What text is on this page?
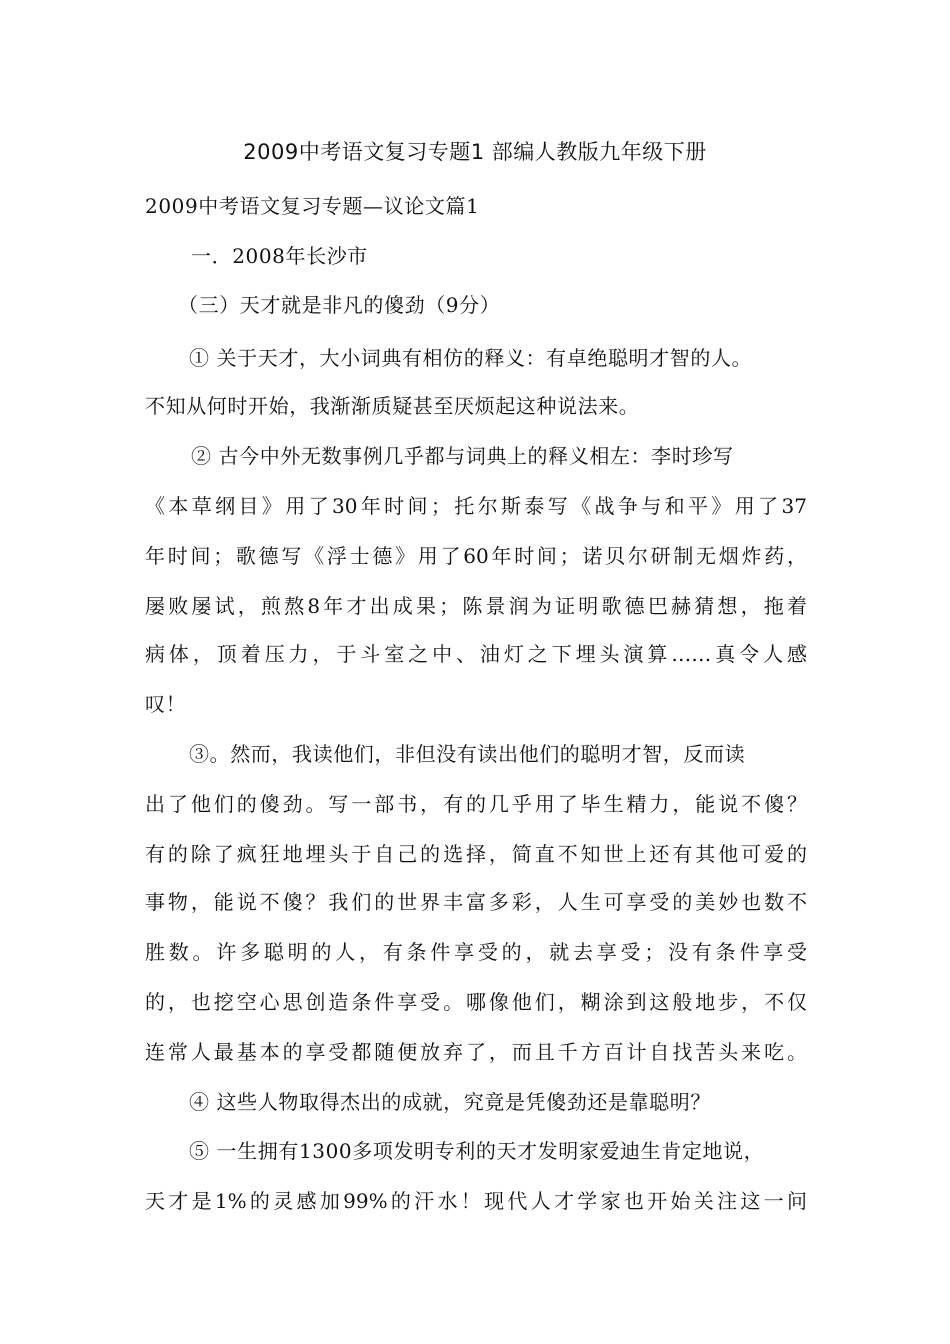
2009中考语文复习专题1 部编人教版九年级下册
2009中考语文复习专题—议论文篇1
一．2008年长沙市
（三）天才就是非凡的傻劲（9分）
① 关于天才，大小词典有相仿的释义：有卓绝聪明才智的人。
不知从何时开始，我渐渐质疑甚至厌烦起这种说法来。
② 古今中外无数事例几乎都与词典上的释义相左：李时珍写
《本草纲目》用了30年时间；托尔斯泰写《战争与和平》用了37
年时间；歌德写《浮士德》用了60年时间；诺贝尔研制无烟炸药，
屡败屡试，煎熬8年才出成果；陈景润为证明歌德巴赫猜想，拖着
病体，顶着压力，于斗室之中、油灯之下埋头演算……真令人感
叹！
③。然而，我读他们，非但没有读出他们的聪明才智，反而读
出了他们的傻劲。写一部书，有的几乎用了毕生精力，能说不傻？
有的除了疯狂地埋头于自己的选择，简直不知世上还有其他可爱的
事物，能说不傻？我们的世界丰富多彩，人生可享受的美妙也数不
胜数。许多聪明的人，有条件享受的，就去享受；没有条件享受
的，也挖空心思创造条件享受。哪像他们，糊涂到这般地步，不仅
连常人最基本的享受都随便放弃了，而且千方百计自找苦头来吃。
④ 这些人物取得杰出的成就，究竟是凭傻劲还是靠聪明？
⑤ 一生拥有1300多项发明专利的天才发明家爱迪生肯定地说，
天才是1%的灵感加99%的汗水！现代人才学家也开始关注这一问
